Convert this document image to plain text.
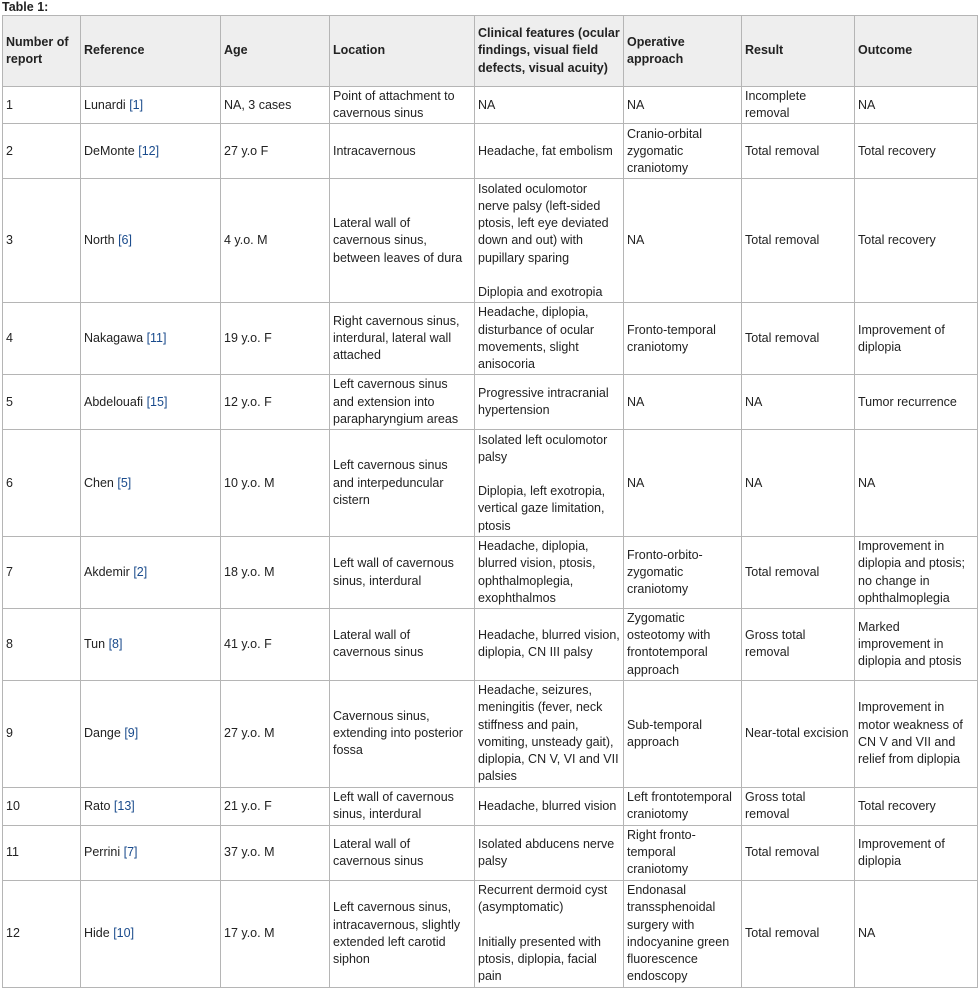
Table 1:
Number of report	Reference	Age	Location	Clinical features (ocular findings, visual field defects, visual acuity)	Operative approach	Result	Outcome
1	Lunardi [1]	NA, 3 cases	Point of attachment to cavernous sinus	NA	NA	Incomplete removal	NA
2	DeMonte [12]	27 y.o F	Intracavernous	Headache, fat embolism	Cranio-orbital zygomatic craniotomy	Total removal	Total recovery
3	North [6]	4 y.o. M	Lateral wall of cavernous sinus, between leaves of dura	Isolated oculomotor nerve palsy (left-sided ptosis, left eye deviated down and out) with pupillary sparing
Diplopia and exotropia	NA	Total removal	Total recovery
4	Nakagawa [11]	19 y.o. F	Right cavernous sinus, interdural, lateral wall attached	Headache, diplopia, disturbance of ocular movements, slight anisocoria	Fronto-temporal craniotomy	Total removal	Improvement of diplopia
5	Abdelouafi [15]	12 y.o. F	Left cavernous sinus and extension into parapharyngium areas	Progressive intracranial hypertension	NA	NA	Tumor recurrence
6	Chen [5]	10 y.o. M	Left cavernous sinus and interpeduncular cistern	Isolated left oculomotor palsy
Diplopia, left exotropia, vertical gaze limitation, ptosis	NA	NA	NA
7	Akdemir [2]	18 y.o. M	Left wall of cavernous sinus, interdural	Headache, diplopia, blurred vision, ptosis, ophthalmoplegia, exophthalmos	Fronto-orbito-zygomatic craniotomy	Total removal	Improvement in diplopia and ptosis; no change in ophthalmoplegia
8	Tun [8]	41 y.o. F	Lateral wall of cavernous sinus	Headache, blurred vision, diplopia, CN III palsy	Zygomatic osteotomy with frontotemporal approach	Gross total removal	Marked improvement in diplopia and ptosis
9	Dange [9]	27 y.o. M	Cavernous sinus, extending into posterior fossa	Headache, seizures, meningitis (fever, neck stiffness and pain, vomiting, unsteady gait), diplopia, CN V, VI and VII palsies	Sub-temporal approach	Near-total excision	Improvement in motor weakness of CN V and VII and relief from diplopia
10	Rato [13]	21 y.o. F	Left wall of cavernous sinus, interdural	Headache, blurred vision	Left frontotemporal craniotomy	Gross total removal	Total recovery
11	Perrini [7]	37 y.o. M	Lateral wall of cavernous sinus	Isolated abducens nerve palsy	Right fronto-temporal craniotomy	Total removal	Improvement of diplopia
12	Hide [10]	17 y.o. M	Left cavernous sinus, intracavernous, slightly extended left carotid siphon	Recurrent dermoid cyst (asymptomatic)
Initially presented with ptosis, diplopia, facial pain	Endonasal transsphenoidal surgery with indocyanine green fluorescence endoscopy	Total removal	NA
